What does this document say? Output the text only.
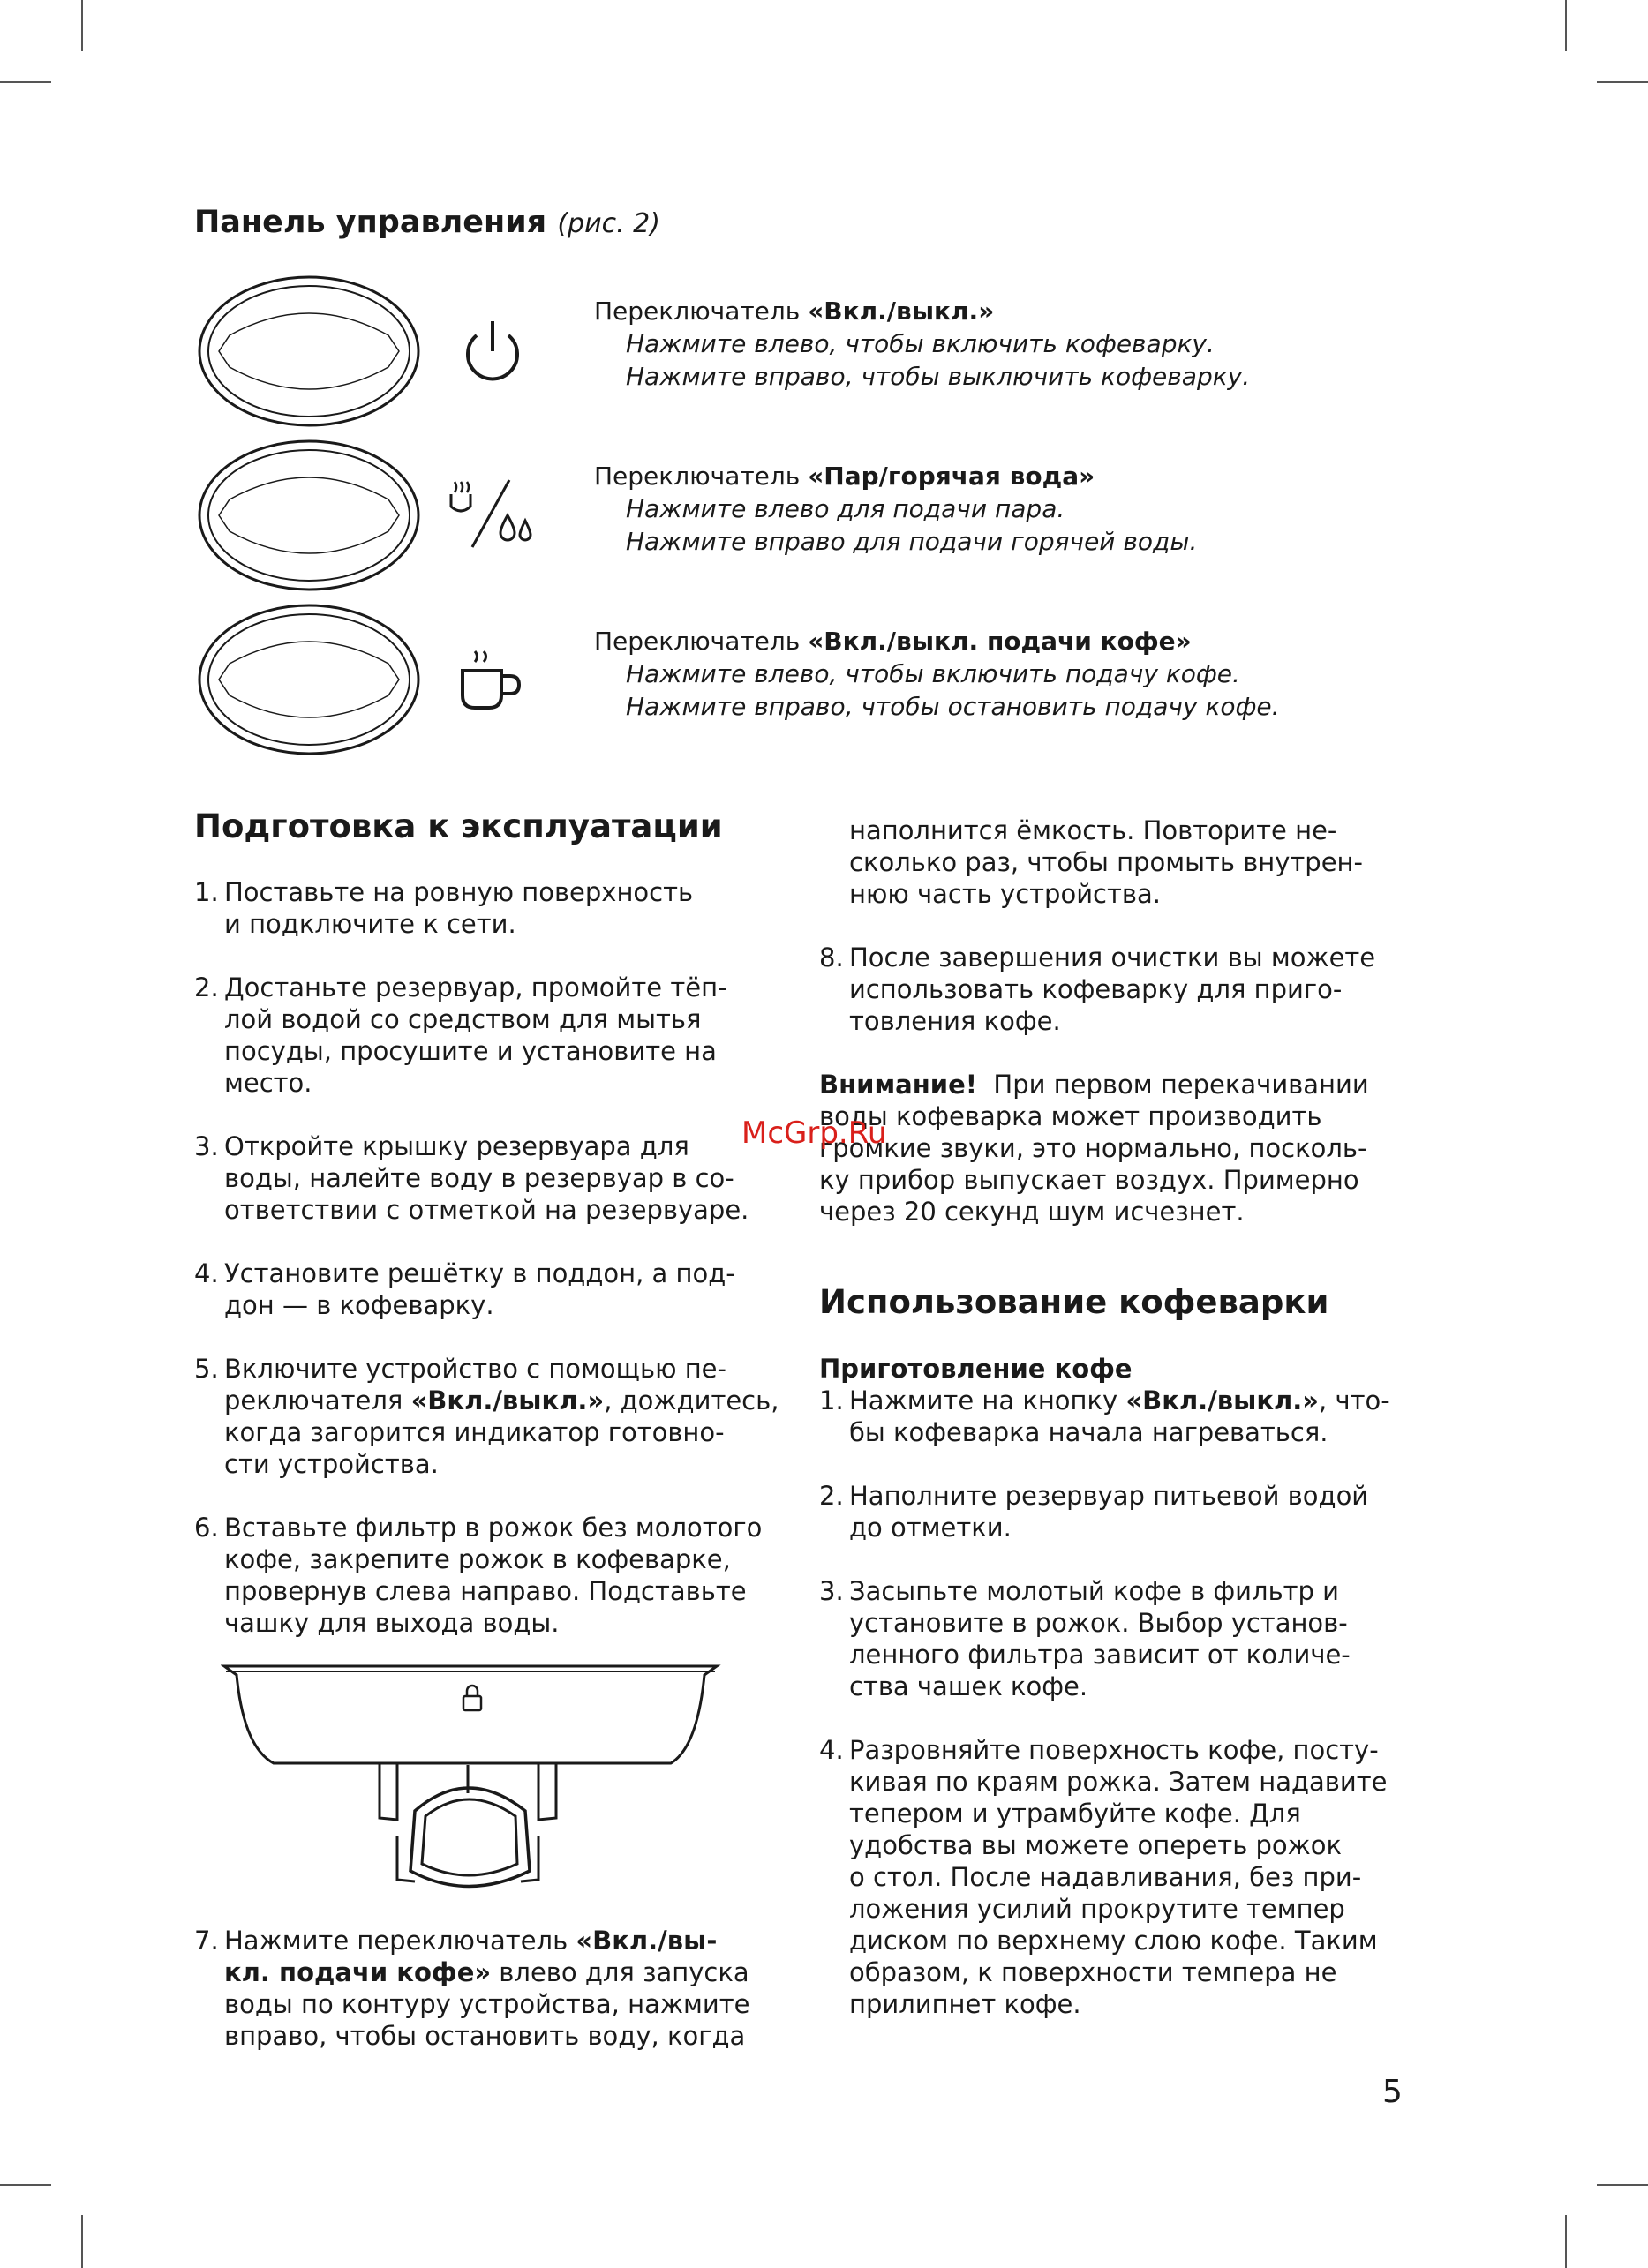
Панель управления (рис. 2)
Переключатель «Вкл./выкл.»
Нажмите влево, чтобы включить кофеварку.
Нажмите вправо, чтобы выключить кофеварку.
Переключатель «Пар/горячая вода»
Нажмите влево для подачи пара.
Нажмите вправо для подачи горячей воды.
Переключатель «Вкл./выкл. подачи кофе»
Нажмите влево, чтобы включить подачу кофе.
Нажмите вправо, чтобы остановить подачу кофе.
Подготовка к эксплуатации
1. Поставьте на ровную поверхность
и подключите к сети.
2. Достаньте резервуар, промойте тёп-
лой водой со средством для мытья
посуды, просушите и установите на
место.
3. Откройте крышку резервуара для
воды, налейте воду в резервуар в со-
ответствии с отметкой на резервуаре.
4. Установите решётку в поддон, а под-
дон — в кофеварку.
5. Включите устройство с помощью пе-
реключателя «Вкл./выкл.», дождитесь,
когда загорится индикатор готовно-
сти устройства.
6. Вставьте фильтр в рожок без молотого
кофе, закрепите рожок в кофеварке,
провернув слева направо. Подставьте
чашку для выхода воды.
7. Нажмите переключатель «Вкл./вы-
кл. подачи кофе» влево для запуска
воды по контуру устройства, нажмите
вправо, чтобы остановить воду, когда
наполнится ёмкость. Повторите не-
сколько раз, чтобы промыть внутрен-
нюю часть устройства.
8. После завершения очистки вы можете
использовать кофеварку для приго-
товления кофе.
Внимание!  При первом перекачивании
воды кофеварка может производить
громкие звуки, это нормально, посколь-
ку прибор выпускает воздух. Примерно
через 20 секунд шум исчезнет.
McGrp.Ru
Использование кофеварки
Приготовление кофе
1. Нажмите на кнопку «Вкл./выкл.», что-
бы кофеварка начала нагреваться.
2. Наполните резервуар питьевой водой
до отметки.
3. Засыпьте молотый кофе в фильтр и
установите в рожок. Выбор установ-
ленного фильтра зависит от количе-
ства чашек кофе.
4. Разровняйте поверхность кофе, посту-
кивая по краям рожка. Затем надавите
тепером и утрамбуйте кофе. Для
удобства вы можете опереть рожок
о стол. После надавливания, без при-
ложения усилий прокрутите темпер
диском по верхнему слою кофе. Таким
образом, к поверхности темпера не
прилипнет кофе.
5
